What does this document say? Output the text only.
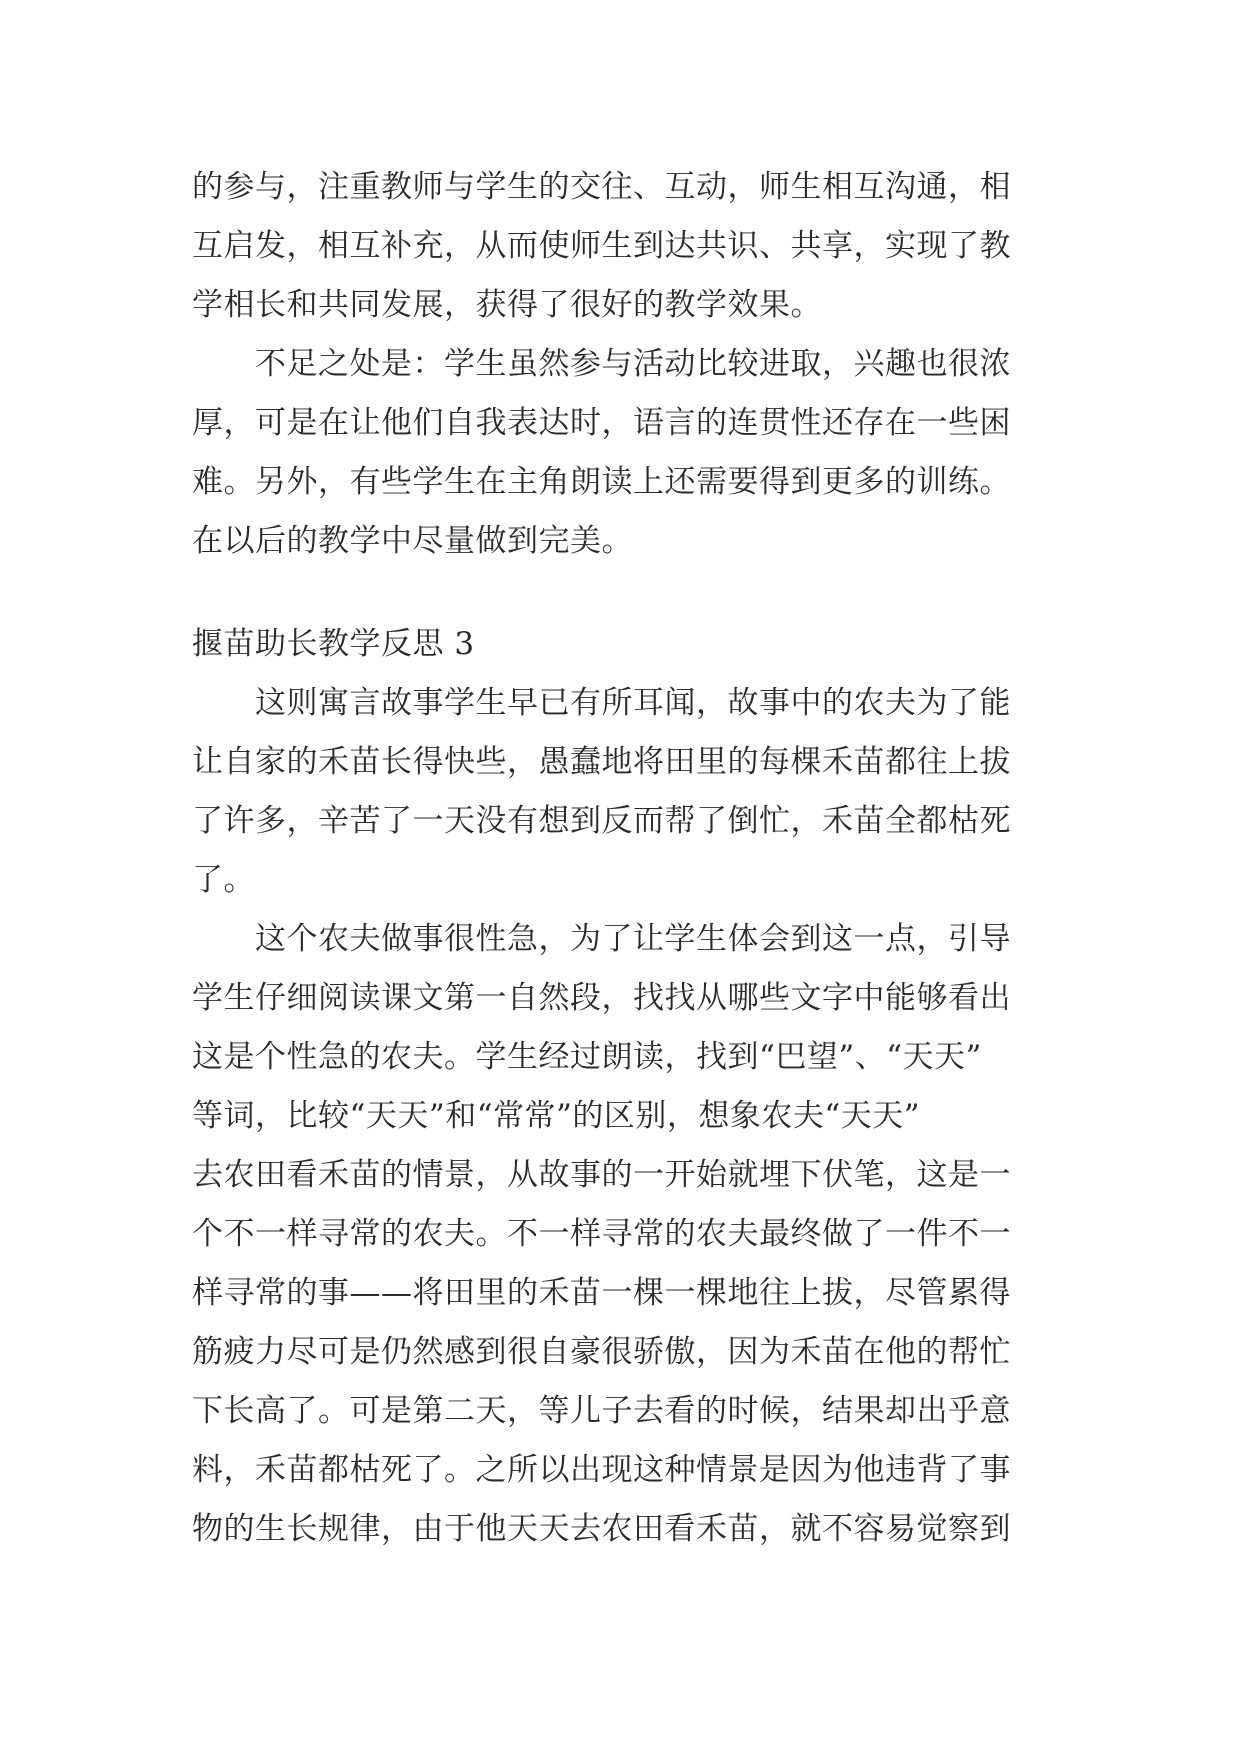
的参与，注重教师与学生的交往、互动，师生相互沟通，相
互启发，相互补充，从而使师生到达共识、共享，实现了教
学相长和共同发展，获得了很好的教学效果。
　　不足之处是：学生虽然参与活动比较进取，兴趣也很浓
厚，可是在让他们自我表达时，语言的连贯性还存在一些困
难。另外，有些学生在主角朗读上还需要得到更多的训练。
在以后的教学中尽量做到完美。
揠苗助长教学反思 3
　　这则寓言故事学生早已有所耳闻，故事中的农夫为了能
让自家的禾苗长得快些，愚蠢地将田里的每棵禾苗都往上拔
了许多，辛苦了一天没有想到反而帮了倒忙，禾苗全都枯死
了。
　　这个农夫做事很性急，为了让学生体会到这一点，引导
学生仔细阅读课文第一自然段，找找从哪些文字中能够看出
这是个性急的农夫。学生经过朗读，找到“巴望”、“天天”
等词，比较“天天”和“常常”的区别，想象农夫“天天”
去农田看禾苗的情景，从故事的一开始就埋下伏笔，这是一
个不一样寻常的农夫。不一样寻常的农夫最终做了一件不一
样寻常的事——将田里的禾苗一棵一棵地往上拔，尽管累得
筋疲力尽可是仍然感到很自豪很骄傲，因为禾苗在他的帮忙
下长高了。可是第二天，等儿子去看的时候，结果却出乎意
料，禾苗都枯死了。之所以出现这种情景是因为他违背了事
物的生长规律，由于他天天去农田看禾苗，就不容易觉察到
